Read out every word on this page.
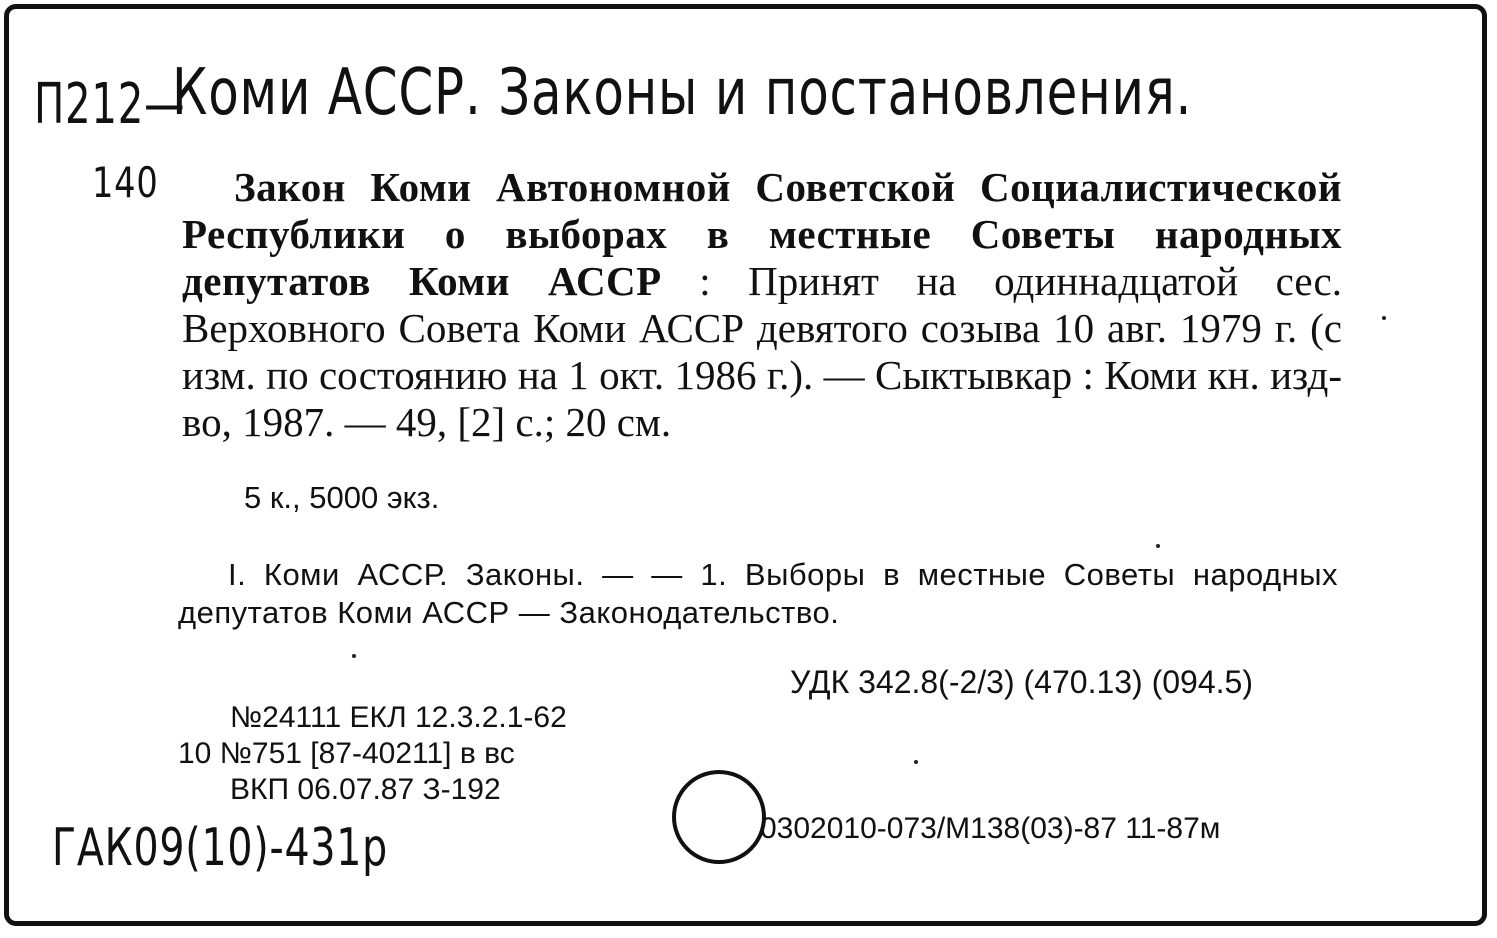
П212—
Коми АССР. Законы и постановления.
140	Закон Коми Автономной Советской Социалистической Республики о выборах в местные Советы народных депутатов Коми АССР : Принят на одиннадцатой сес. Верховного Совета Коми АССР девятого созыва 10 авг. 1979 г. (с изм. по состоянию на 1 окт. 1986 г.). — Сыктывкар : Коми кн. изд-во, 1987. — 49, [2] с.; 20 см.
5 к., 5000 экз.
I. Коми АССР. Законы. — — 1. Выборы в местные Советы народных депутатов Коми АССР — Законодательство.
УДК 342.8(-2/3) (470.13) (094.5)
№24111 ЕКЛ 12.3.2.1-62
10 №751 [87-40211] в вс
ВКП 06.07.87 З-192
0302010-073/М138(03)-87 11-87м
ГАК09(10)-431р
